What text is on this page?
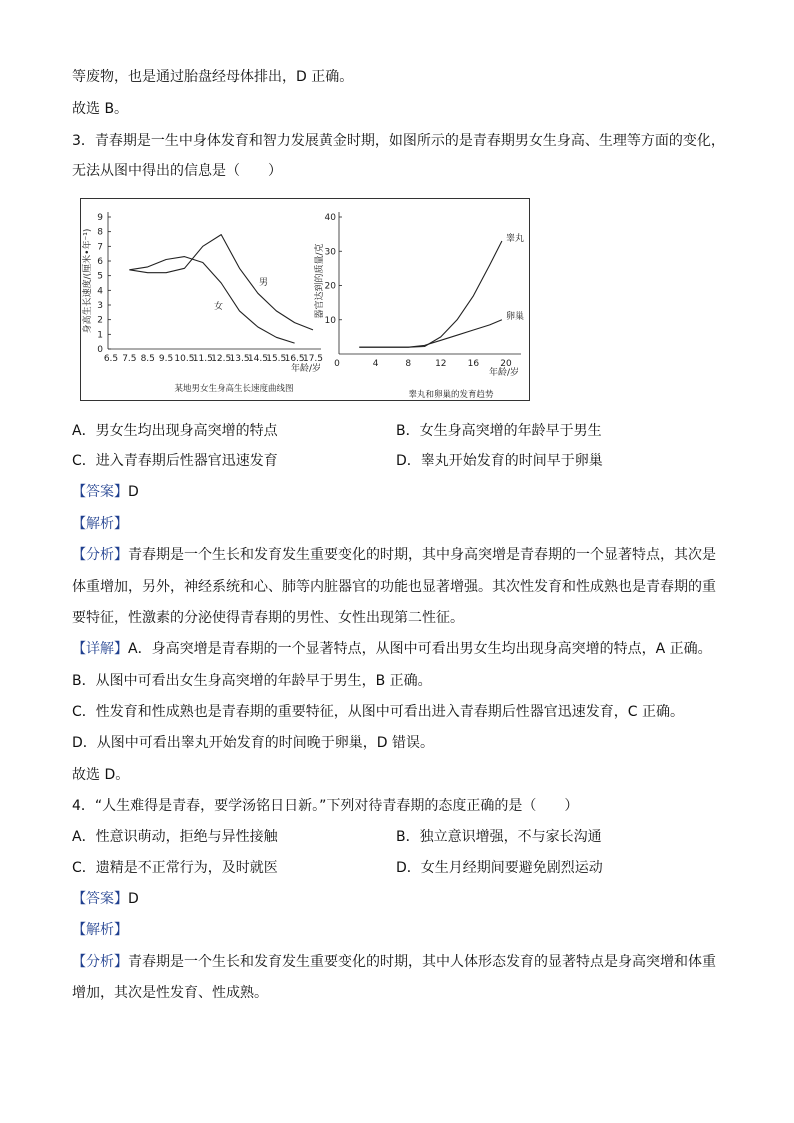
等废物，也是通过胎盘经母体排出，D 正确。
故选 B。
3．青春期是一生中身体发育和智力发展黄金时期，如图所示的是青春期男女生身高、生理等方面的变化，
无法从图中得出的信息是（　　）
0
1
2
3
4
5
6
7
8
9
6.5 7.5 8.5 9.5 10.5
11.5
12.5
13.5
14.5
15.5
16.5
17.5
身高生长速度/(厘米•年⁻¹)
年龄/岁
男
女
某地男女生身高生长速度曲线图
10
20
30
40
0	4	8	12 16 20
器官达到的质量/克
年龄/岁
睾丸
卵巢
睾丸和卵巢的发育趋势
A．男女生均出现身高突增的特点	B．女生身高突增的年龄早于男生
C．进入青春期后性器官迅速发育	D．睾丸开始发育的时间早于卵巢
【答案】D
【解析】
【分析】青春期是一个生长和发育发生重要变化的时期，其中身高突增是青春期的一个显著特点，其次是
体重增加，另外，神经系统和心、肺等内脏器官的功能也显著增强。其次性发育和性成熟也是青春期的重
要特征，性激素的分泌使得青春期的男性、女性出现第二性征。
【详解】A．身高突增是青春期的一个显著特点，从图中可看出男女生均出现身高突增的特点，A 正确。
B．从图中可看出女生身高突增的年龄早于男生，B 正确。
C．性发育和性成熟也是青春期的重要特征，从图中可看出进入青春期后性器官迅速发育，C 正确。
D．从图中可看出睾丸开始发育的时间晚于卵巢，D 错误。
故选 D。
4．“人生难得是青春，要学汤铭日日新。”下列对待青春期的态度正确的是（　　）
A．性意识萌动，拒绝与异性接触	B．独立意识增强，不与家长沟通
C．遗精是不正常行为，及时就医	D．女生月经期间要避免剧烈运动
【答案】D
【解析】
【分析】青春期是一个生长和发育发生重要变化的时期，其中人体形态发育的显著特点是身高突增和体重
增加，其次是性发育、性成熟。
